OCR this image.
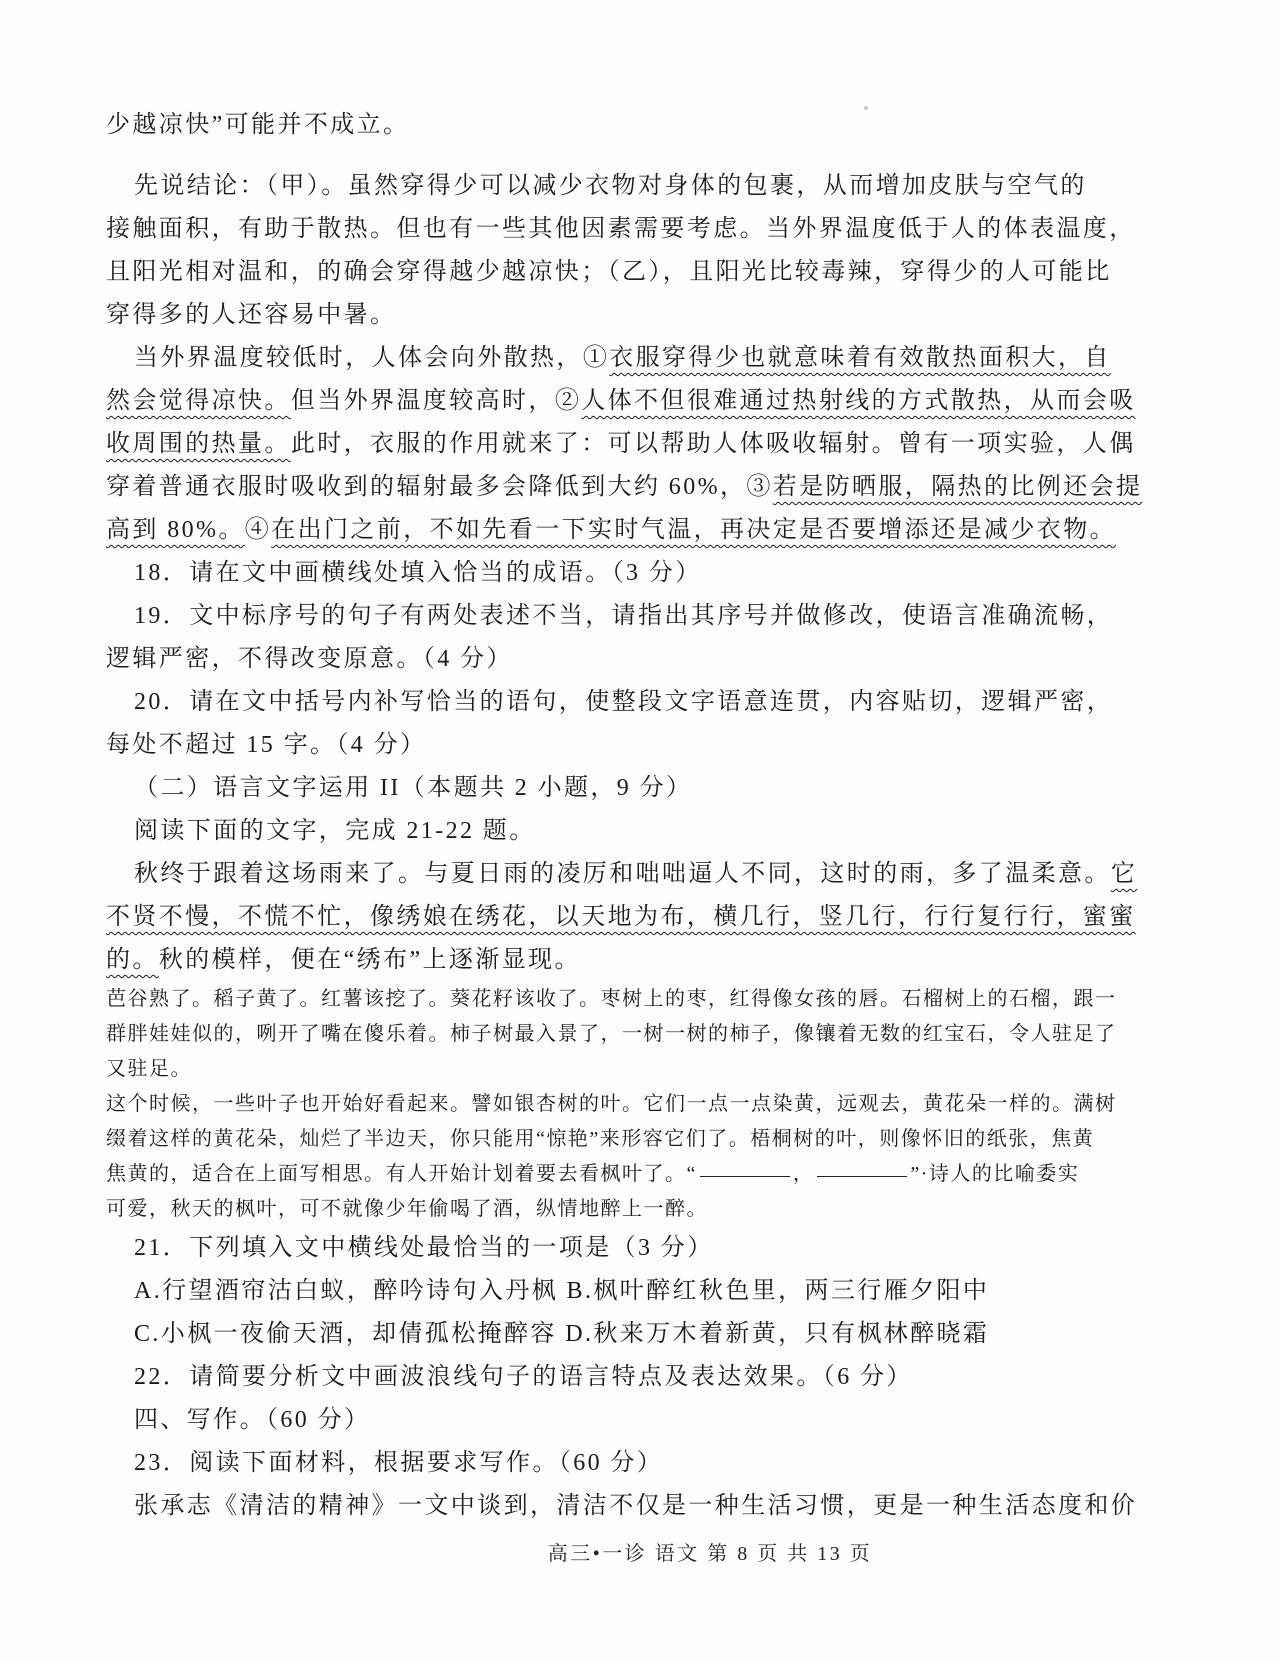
少越凉快”可能并不成立。
先说结论：（甲）。虽然穿得少可以减少衣物对身体的包裹，从而增加皮肤与空气的
接触面积，有助于散热。但也有一些其他因素需要考虑。当外界温度低于人的体表温度，
且阳光相对温和，的确会穿得越少越凉快；（乙），且阳光比较毒辣，穿得少的人可能比
穿得多的人还容易中暑。
当外界温度较低时，人体会向外散热，①衣服穿得少也就意味着有效散热面积大，自
然会觉得凉快。但当外界温度较高时，②人体不但很难通过热射线的方式散热，从而会吸
收周围的热量。此时，衣服的作用就来了：可以帮助人体吸收辐射。曾有一项实验，人偶
穿着普通衣服时吸收到的辐射最多会降低到大约 60%，③若是防晒服，隔热的比例还会提
高到 80%。④在出门之前，不如先看一下实时气温，再决定是否要增添还是减少衣物。
18．请在文中画横线处填入恰当的成语。（3 分）
19．文中标序号的句子有两处表述不当，请指出其序号并做修改，使语言准确流畅，
逻辑严密，不得改变原意。（4 分）
20．请在文中括号内补写恰当的语句，使整段文字语意连贯，内容贴切，逻辑严密，
每处不超过 15 字。（4 分）
（二）语言文字运用 II（本题共 2 小题，9 分）
阅读下面的文字，完成 21-22 题。
秋终于跟着这场雨来了。与夏日雨的凌厉和咄咄逼人不同，这时的雨，多了温柔意。它
不贤不慢，不慌不忙，像绣娘在绣花，以天地为布，横几行，竖几行，行行复行行，蜜蜜
的。秋的模样，便在“绣布”上逐渐显现。
芭谷熟了。稻子黄了。红薯该挖了。葵花籽该收了。枣树上的枣，红得像女孩的唇。石榴树上的石榴，跟一
群胖娃娃似的，咧开了嘴在傻乐着。柿子树最入景了，一树一树的柿子，像镶着无数的红宝石，令人驻足了
又驻足。
这个时候，一些叶子也开始好看起来。譬如银杏树的叶。它们一点一点染黄，远观去，黄花朵一样的。满树
缀着这样的黄花朵，灿烂了半边天，你只能用“惊艳”来形容它们了。梧桐树的叶，则像怀旧的纸张，焦黄
焦黄的，适合在上面写相思。有人开始计划着要去看枫叶了。“	，	”·诗人的比喻委实
可爱，秋天的枫叶，可不就像少年偷喝了酒，纵情地醉上一醉。
21．下列填入文中横线处最恰当的一项是（3 分）
A.行望酒帘沽白蚁，醉吟诗句入丹枫 B.枫叶醉红秋色里，两三行雁夕阳中
C.小枫一夜偷天酒，却倩孤松掩醉容 D.秋来万木着新黄，只有枫林醉晓霜
22．请简要分析文中画波浪线句子的语言特点及表达效果。（6 分）
四、写作。（60 分）
23．阅读下面材料，根据要求写作。（60 分）
张承志《清洁的精神》一文中谈到，清洁不仅是一种生活习惯，更是一种生活态度和价
高三•一诊 语文 第 8 页 共 13 页
